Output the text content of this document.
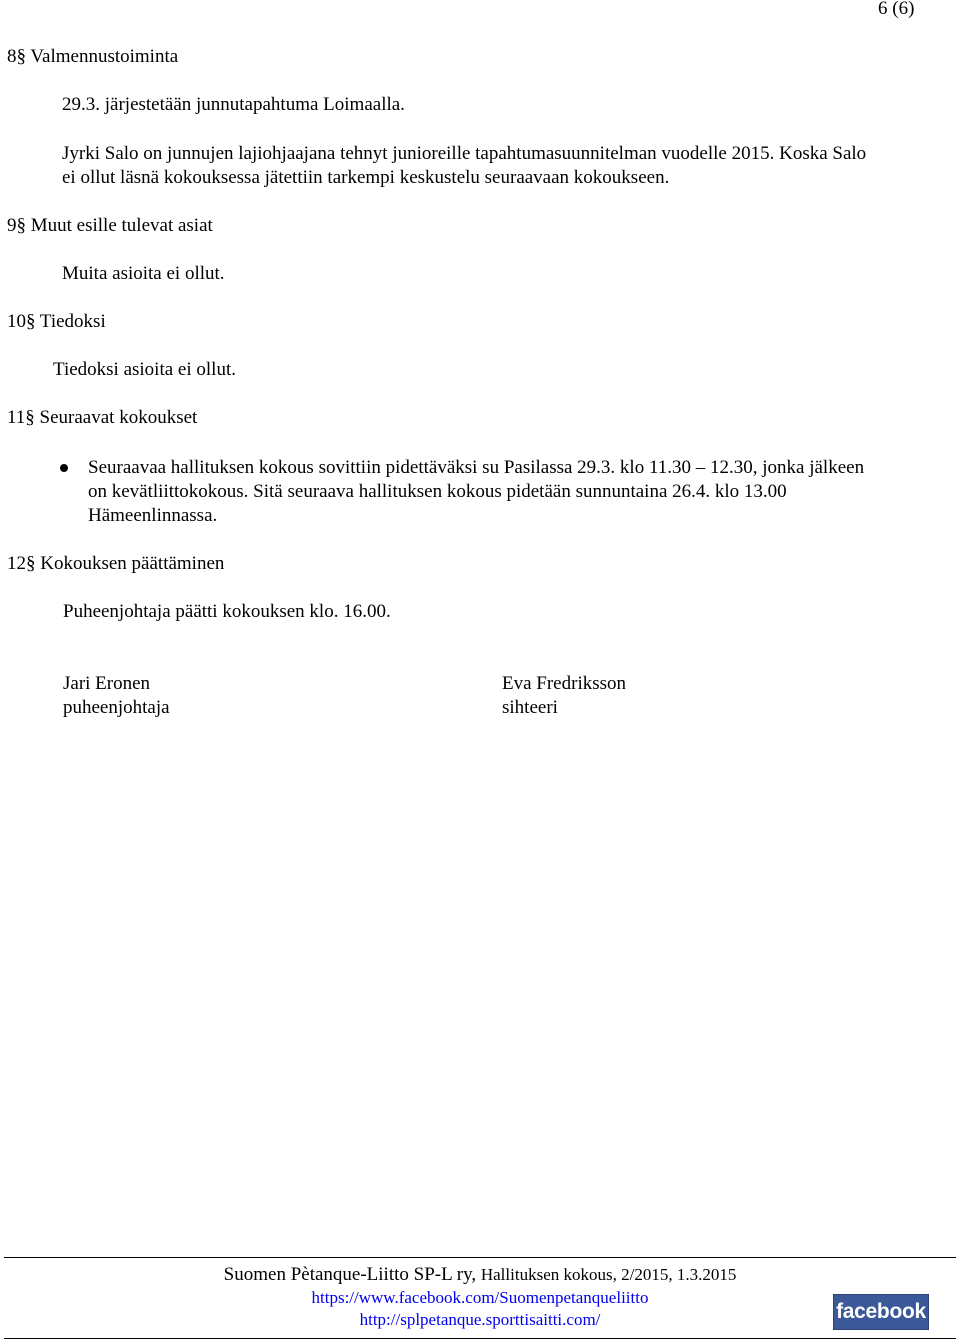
6 (6)
8§ Valmennustoiminta
29.3. järjestetään junnutapahtuma Loimaalla.
Jyrki Salo on junnujen lajiohjaajana tehnyt junioreille tapahtumasuunnitelman vuodelle 2015. Koska Salo
ei ollut läsnä kokouksessa jätettiin tarkempi keskustelu seuraavaan kokoukseen.
9§ Muut esille tulevat asiat
Muita asioita ei ollut.
10§ Tiedoksi
Tiedoksi asioita ei ollut.
11§ Seuraavat kokoukset
Seuraavaa hallituksen kokous sovittiin pidettäväksi su Pasilassa 29.3. klo 11.30 – 12.30, jonka jälkeen
on kevätliittokokous. Sitä seuraava hallituksen kokous pidetään sunnuntaina 26.4. klo 13.00
Hämeenlinnassa.
12§ Kokouksen päättäminen
Puheenjohtaja päätti kokouksen klo. 16.00.
Jari Eronen
puheenjohtaja
Eva Fredriksson
sihteeri
Suomen Pètanque-Liitto SP-L ry, Hallituksen kokous, 2/2015, 1.3.2015
https://www.facebook.com/Suomenpetanqueliitto
http://splpetanque.sporttisaitti.com/	facebook
